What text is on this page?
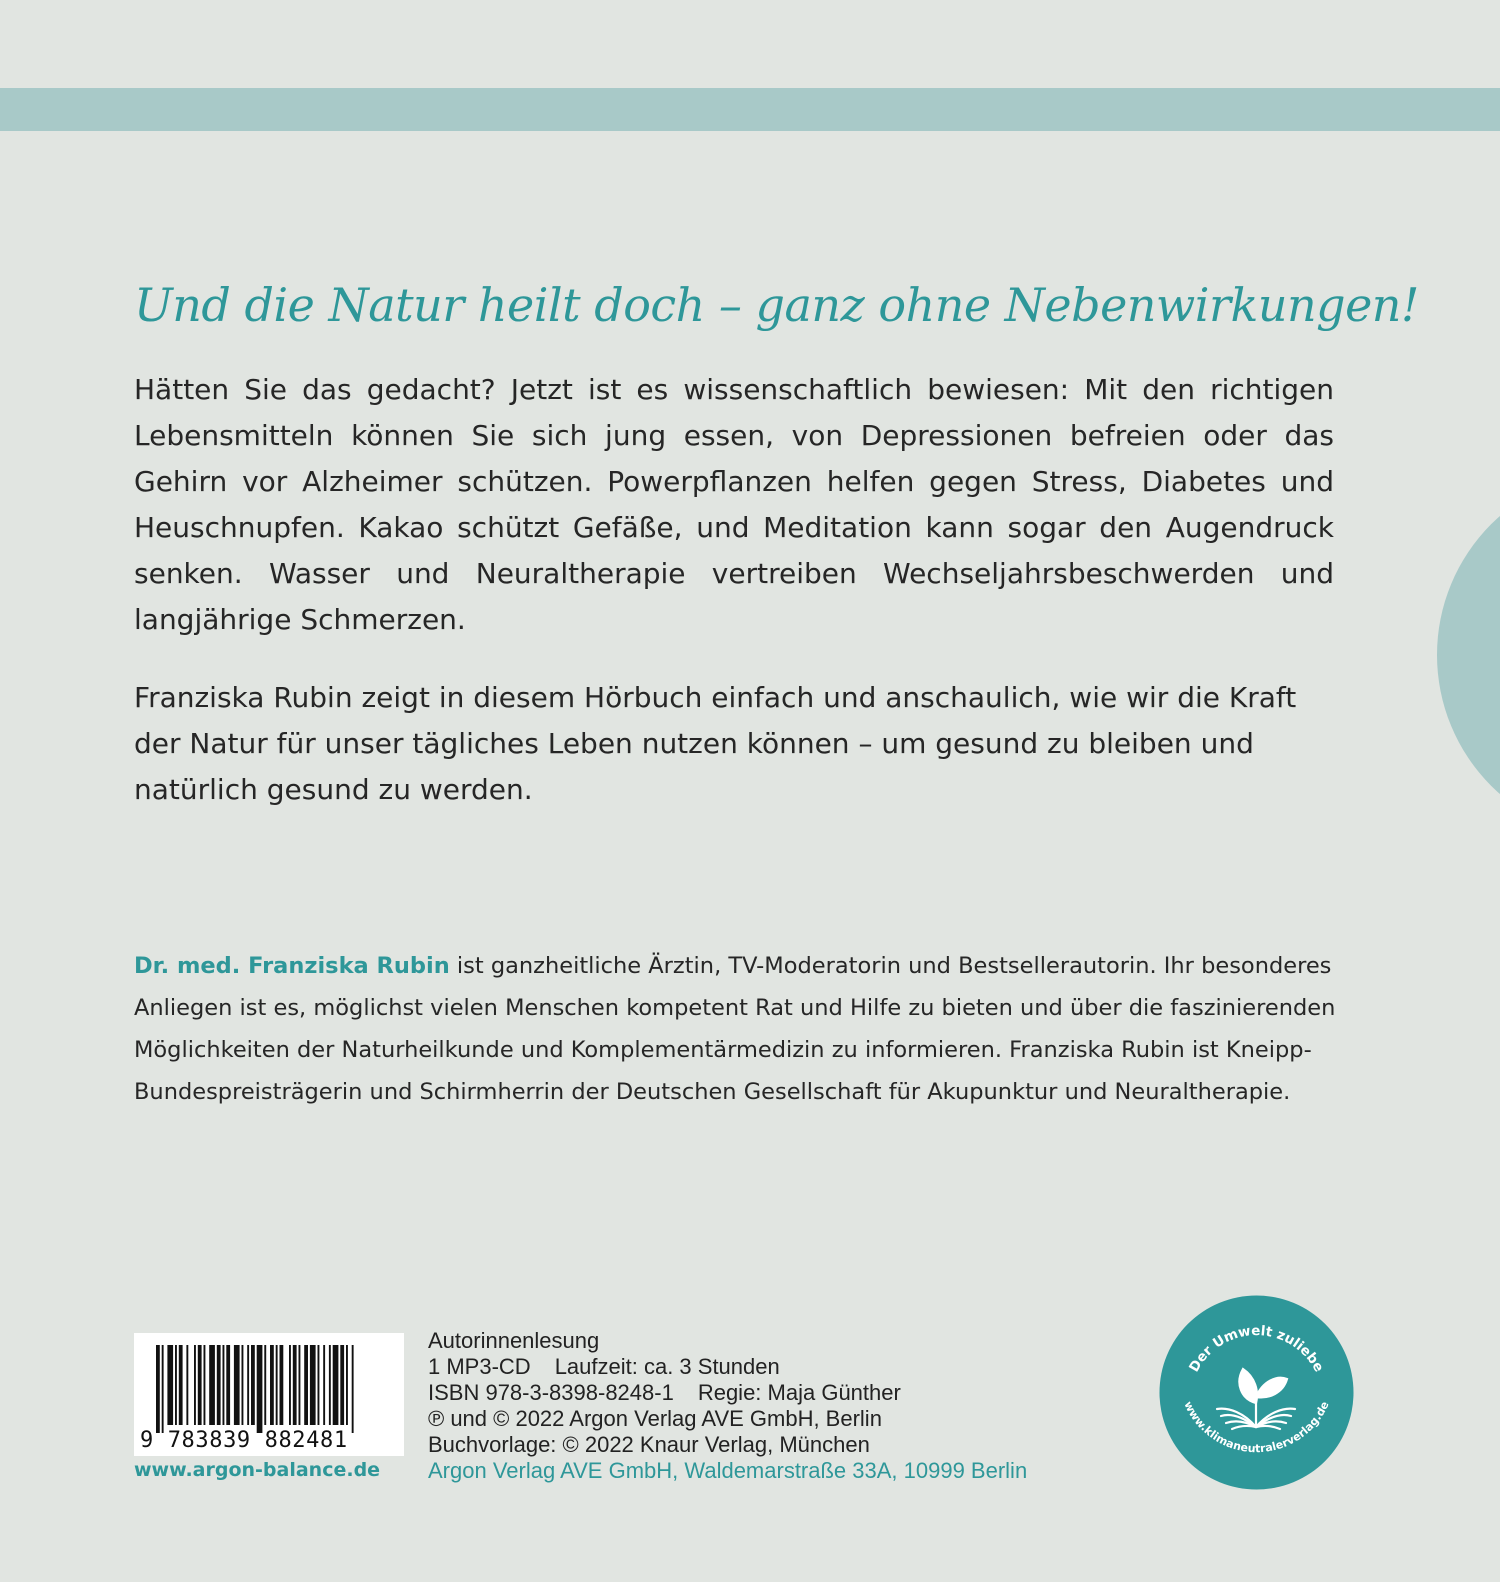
Und die Natur heilt doch – ganz ohne Nebenwirkungen!
Hätten Sie das gedacht? Jetzt ist es wissenschaftlich bewiesen: Mit den richtigen Lebensmitteln können Sie sich jung essen, von Depressionen befreien oder das Gehirn vor Alzheimer schützen. Powerpflanzen helfen gegen Stress, Diabetes und Heuschnupfen. Kakao schützt Gefäße, und Meditation kann sogar den Augendruck senken. Wasser und Neuraltherapie vertreiben Wechseljahrsbeschwerden und langjährige Schmerzen.
Franziska Rubin zeigt in diesem Hörbuch einfach und anschaulich, wie wir die Kraft der Natur für unser tägliches Leben nutzen können – um gesund zu bleiben und natürlich gesund zu werden.
Dr. med. Franziska Rubin ist ganzheitliche Ärztin, TV-Moderatorin und Bestsellerautorin. Ihr besonderes Anliegen ist es, möglichst vielen Menschen kompetent Rat und Hilfe zu bieten und über die faszinierenden Möglichkeiten der Naturheilkunde und Komplementärmedizin zu informieren. Franziska Rubin ist Kneipp-Bundespreisträgerin und Schirmherrin der Deutschen Gesellschaft für Akupunktur und Neuraltherapie.
9 783839 882481
www.argon-balance.de
Autorinnenlesung
1 MP3-CD Laufzeit: ca. 3 Stunden
ISBN 978-3-8398-8248-1 Regie: Maja Günther
℗ und © 2022 Argon Verlag AVE GmbH, Berlin
Buchvorlage: © 2022 Knaur Verlag, München
Argon Verlag AVE GmbH, Waldemarstraße 33A, 10999 Berlin
Der Umwelt zuliebe
www.klimaneutralerverlag.de
